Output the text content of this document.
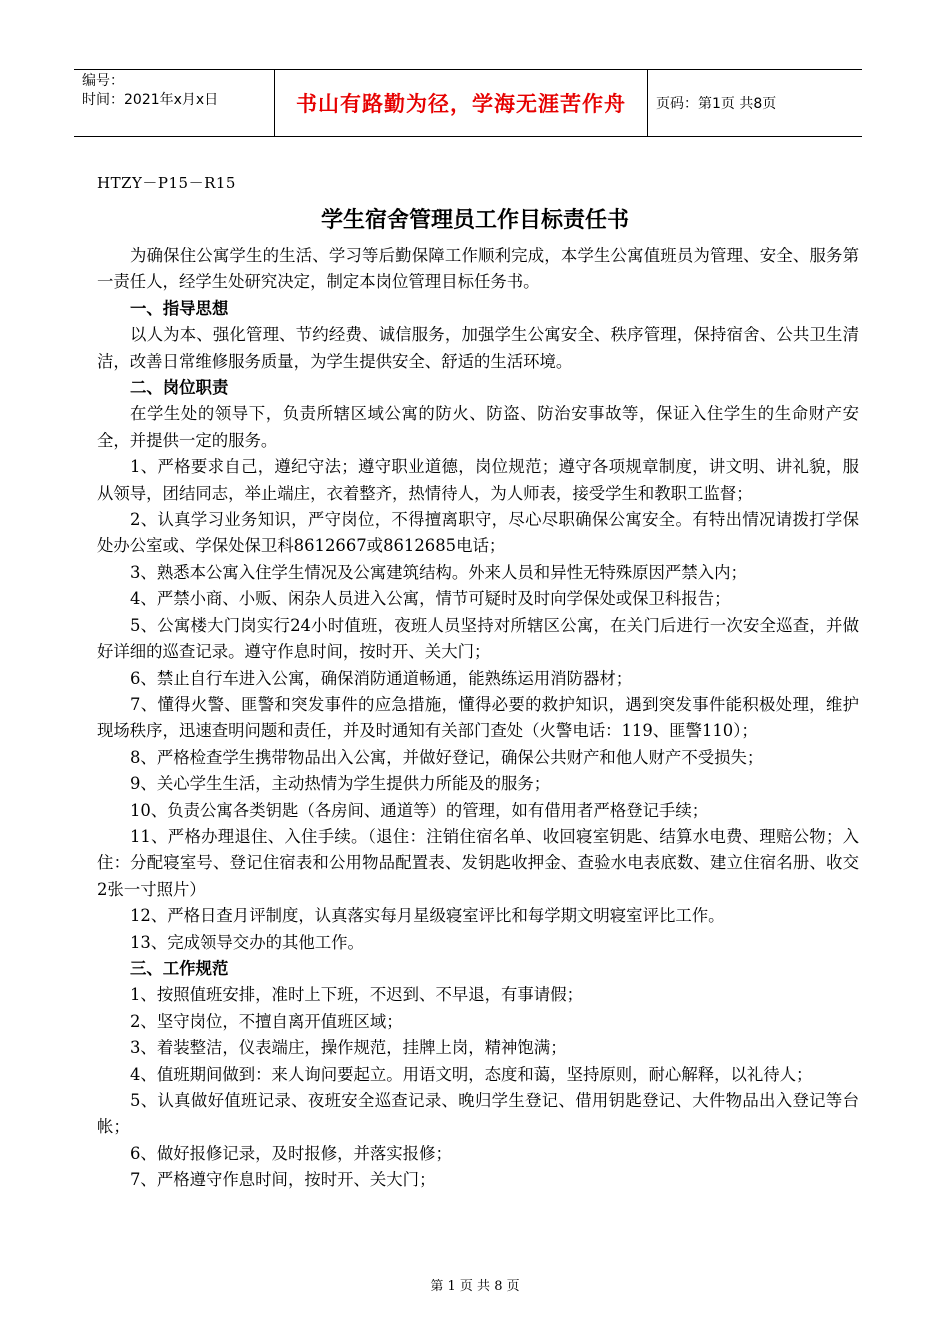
编号：
时间：2021年x月x日	书山有路勤为径，学海无涯苦作舟	页码：第1页 共8页
HTZY－P15－R15
学生宿舍管理员工作目标责任书

为确保住公寓学生的生活、学习等后勤保障工作顺利完成，本学生公寓值班员为管理、安全、服务第一责任人，经学生处研究决定，制定本岗位管理目标任务书。

一、指导思想

以人为本、强化管理、节约经费、诚信服务，加强学生公寓安全、秩序管理，保持宿舍、公共卫生清洁，改善日常维修服务质量，为学生提供安全、舒适的生活环境。

二、岗位职责

在学生处的领导下，负责所辖区域公寓的防火、防盗、防治安事故等，保证入住学生的生命财产安全，并提供一定的服务。

1、严格要求自己，遵纪守法；遵守职业道德，岗位规范；遵守各项规章制度，讲文明、讲礼貌，服从领导，团结同志，举止端庄，衣着整齐，热情待人，为人师表，接受学生和教职工监督；

2、认真学习业务知识，严守岗位，不得擅离职守，尽心尽职确保公寓安全。有特出情况请拨打学保处办公室或、学保处保卫科8612667或8612685电话；

3、熟悉本公寓入住学生情况及公寓建筑结构。外来人员和异性无特殊原因严禁入内；

4、严禁小商、小贩、闲杂人员进入公寓，情节可疑时及时向学保处或保卫科报告；

5、公寓楼大门岗实行24小时值班，夜班人员坚持对所辖区公寓，在关门后进行一次安全巡查，并做好详细的巡查记录。遵守作息时间，按时开、关大门；

6、禁止自行车进入公寓，确保消防通道畅通，能熟练运用消防器材；

7、懂得火警、匪警和突发事件的应急措施，懂得必要的救护知识，遇到突发事件能积极处理，维护现场秩序，迅速查明问题和责任，并及时通知有关部门查处（火警电话：119、匪警110）；

8、严格检查学生携带物品出入公寓，并做好登记，确保公共财产和他人财产不受损失；

9、关心学生生活，主动热情为学生提供力所能及的服务；

10、负责公寓各类钥匙（各房间、通道等）的管理，如有借用者严格登记手续；

11、严格办理退住、入住手续。（退住：注销住宿名单、收回寝室钥匙、结算水电费、理赔公物；入住：分配寝室号、登记住宿表和公用物品配置表、发钥匙收押金、查验水电表底数、建立住宿名册、收交2张一寸照片）

12、严格日查月评制度，认真落实每月星级寝室评比和每学期文明寝室评比工作。

13、完成领导交办的其他工作。

三、工作规范

1、按照值班安排，准时上下班，不迟到、不早退，有事请假；

2、坚守岗位，不擅自离开值班区域；

3、着装整洁，仪表端庄，操作规范，挂牌上岗，精神饱满；

4、值班期间做到：来人询问要起立。用语文明，态度和蔼，坚持原则，耐心解释，以礼待人；

5、认真做好值班记录、夜班安全巡查记录、晚归学生登记、借用钥匙登记、大件物品出入登记等台帐；

6、做好报修记录，及时报修，并落实报修；

7、严格遵守作息时间，按时开、关大门；

第 1 页 共 8 页
